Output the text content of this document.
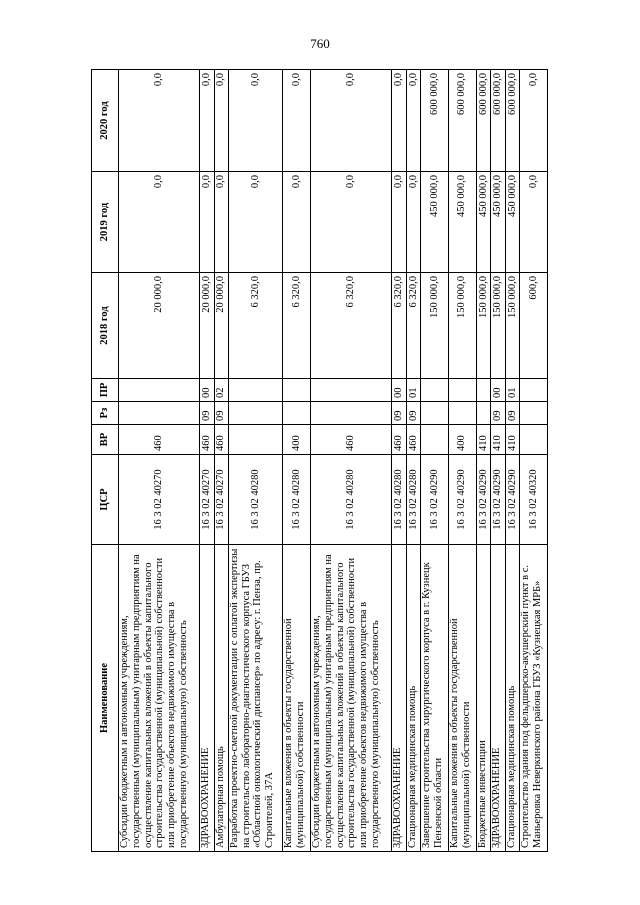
760
Наименование	ЦСР	ВР	Рз	ПР	2018 год	2019 год	2020 год
Субсидии бюджетным и автономным учреждениям, государственным (муниципальным) унитарным предприятиям на осуществление капитальных вложений в объекты капитального строительства государственной (муниципальной) собственности или приобретение объектов недвижимого имущества в государственную (муниципальную) собственность	16 3 02 40270	460			20 000,0	0,0	0,0
ЗДРАВООХРАНЕНИЕ	16 3 02 40270	460	09	00	20 000,0	0,0	0,0
Амбулаторная помощь	16 3 02 40270	460	09	02	20 000,0	0,0	0,0
Разработка проектно-сметной документации с оплатой экспертизы на строительство лабораторно-диагностического корпуса ГБУЗ «Областной онкологический диспансер» по адресу: г. Пенза, пр. Строителей, 37А	16 3 02 40280				6 320,0	0,0	0,0
Капитальные вложения в объекты государственной (муниципальной) собственности	16 3 02 40280	400			6 320,0	0,0	0,0
Субсидии бюджетным и автономным учреждениям, государственным (муниципальным) унитарным предприятиям на осуществление капитальных вложений в объекты капитального строительства государственной (муниципальной) собственности или приобретение объектов недвижимого имущества в государственную (муниципальную) собственность	16 3 02 40280	460			6 320,0	0,0	0,0
ЗДРАВООХРАНЕНИЕ	16 3 02 40280	460	09	00	6 320,0	0,0	0,0
Стационарная медицинская помощь	16 3 02 40280	460	09	01	6 320,0	0,0	0,0
Завершение строительства хирургического корпуса в г. Кузнецк Пензенской области	16 3 02 40290				150 000,0	450 000,0	600 000,0
Капитальные вложения в объекты государственной (муниципальной) собственности	16 3 02 40290	400			150 000,0	450 000,0	600 000,0
Бюджетные инвестиции	16 3 02 40290	410			150 000,0	450 000,0	600 000,0
ЗДРАВООХРАНЕНИЕ	16 3 02 40290	410	09	00	150 000,0	450 000,0	600 000,0
Стационарная медицинская помощь	16 3 02 40290	410	09	01	150 000,0	450 000,0	600 000,0
Строительство здания под фельдшерско-акушерский пункт в с. Маньеровка Неверкинского района ГБУЗ «Кузнецкая МРБ»	16 3 02 40320				600,0	0,0	0,0
